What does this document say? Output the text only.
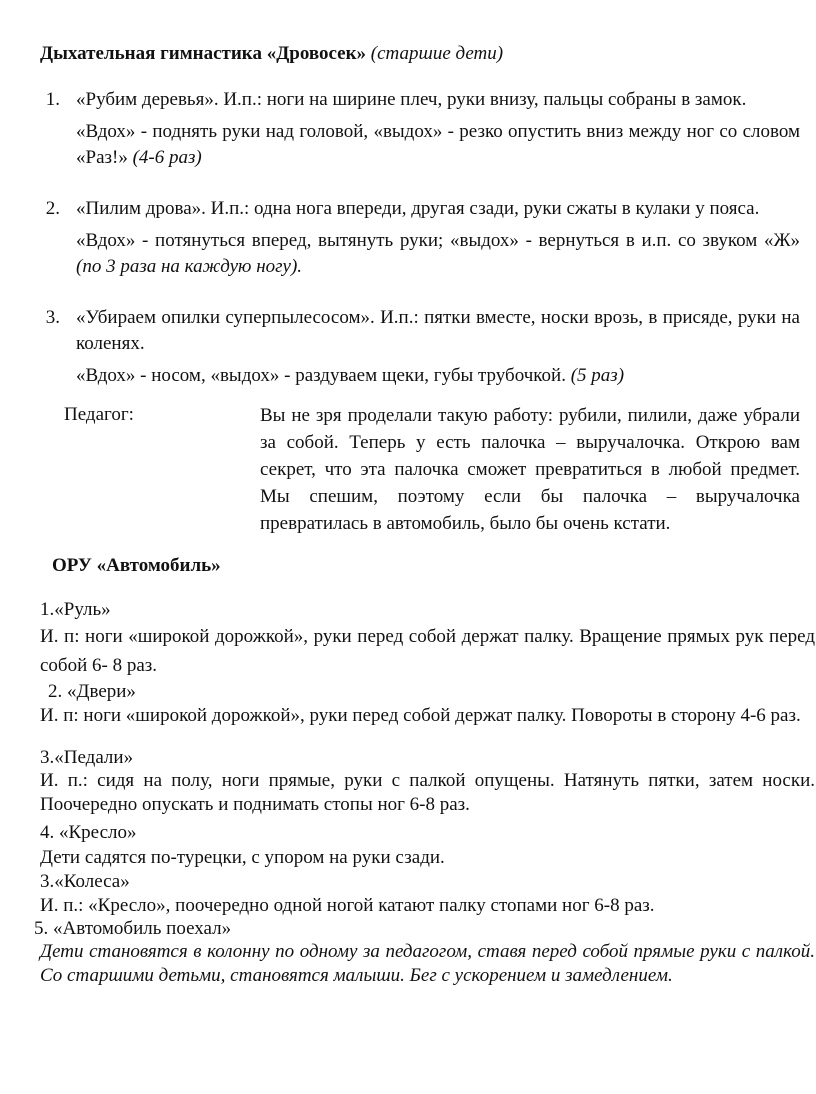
Дыхательная гимнастика «Дровосек» (старшие дети)
1. «Рубим деревья». И.п.: ноги на ширине плеч, руки внизу, пальцы собраны в замок.

«Вдох» - поднять руки над головой, «выдох» - резко опустить вниз между ног со словом «Раз!» (4-6 раз)

2. «Пилим дрова». И.п.: одна нога впереди, другая сзади, руки сжаты в кулаки у пояса.

«Вдох» - потянуться вперед, вытянуть руки; «выдох» - вернуться в и.п. со звуком «Ж» (по 3 раза на каждую ногу).

3. «Убираем опилки суперпылесосом». И.п.: пятки вместе, носки врозь, в присяде, руки на коленях.

«Вдох» - носом, «выдох» - раздуваем щеки, губы трубочкой. (5 раз)

Педагог:	Вы не зря проделали такую работу: рубили, пилили, даже убрали за собой. Теперь у есть палочка – выручалочка. Открою вам секрет, что эта палочка сможет превратиться в любой предмет. Мы спешим, поэтому если бы палочка – выручалочка превратилась в автомобиль, было бы очень кстати.
ОРУ «Автомобиль»
1.«Руль»
И. п: ноги «широкой дорожкой», руки перед собой держат палку. Вращение прямых рук перед собой 6- 8 раз.
2. «Двери»
И. п: ноги «широкой дорожкой», руки перед собой держат палку. Повороты в сторону 4-6 раз.
3.«Педали»
И. п.: сидя на полу, ноги прямые, руки с палкой опущены. Натянуть пятки, затем носки. Поочередно опускать и поднимать стопы ног 6-8 раз.
4. «Кресло»
Дети садятся по-турецки, с упором на руки сзади.
3.«Колеса»
И. п.: «Кресло», поочередно одной ногой катают палку стопами ног 6-8 раз.
5. «Автомобиль поехал»
Дети становятся в колонну по одному за педагогом, ставя перед собой прямые руки с палкой. Со старшими детьми, становятся малыши. Бег с ускорением и замедлением.
